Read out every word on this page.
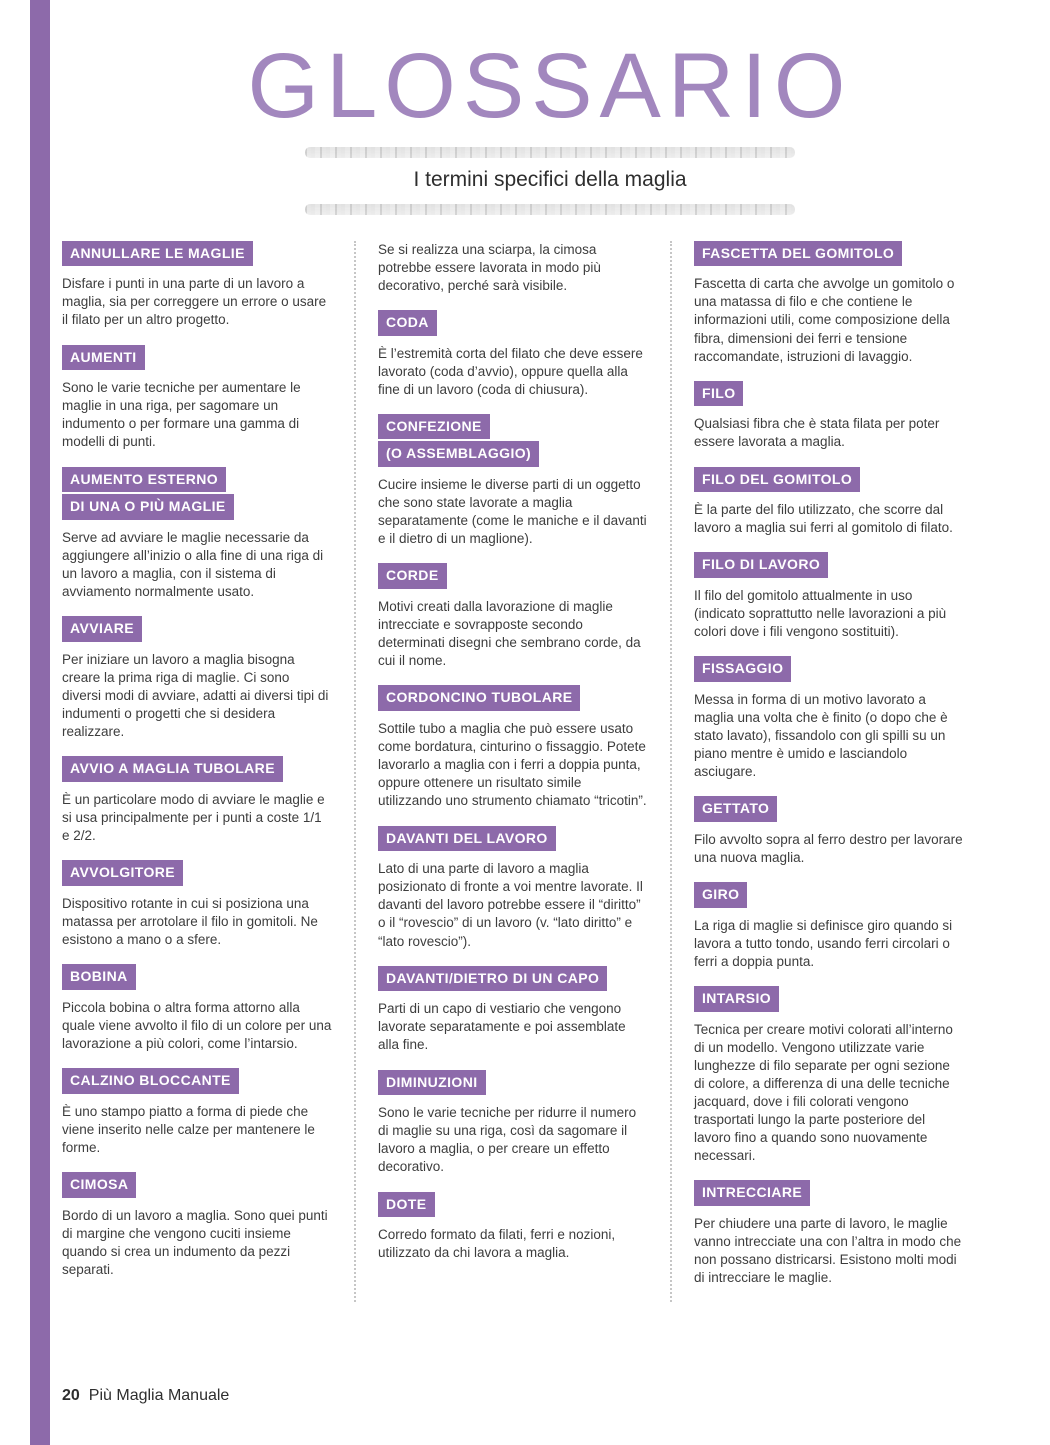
GLOSSARIO
I termini specifici della maglia
ANNULLARE LE MAGLIE

Disfare i punti in una parte di un lavoro a maglia, sia per correggere un errore o usare il filato per un altro progetto.

AUMENTI

Sono le varie tecniche per aumentare le maglie in una riga, per sagomare un indumento o per formare una gamma di modelli di punti.

AUMENTO ESTERNO
DI UNA O PIÙ MAGLIE

Serve ad avviare le maglie necessarie da aggiungere all’inizio o alla fine di una riga di un lavoro a maglia, con il sistema di avviamento normalmente usato.

AVVIARE

Per iniziare un lavoro a maglia bisogna creare la prima riga di maglie. Ci sono diversi modi di avviare, adatti ai diversi tipi di indumenti o progetti che si desidera realizzare.

AVVIO A MAGLIA TUBOLARE

È un particolare modo di avviare le maglie e si usa principalmente per i punti a coste 1/1 e 2/2.

AVVOLGITORE

Dispositivo rotante in cui si posiziona una matassa per arrotolare il filo in gomitoli. Ne esistono a mano o a sfere.

BOBINA

Piccola bobina o altra forma attorno alla quale viene avvolto il filo di un colore per una lavorazione a più colori, come l’intarsio.

CALZINO BLOCCANTE

È uno stampo piatto a forma di piede che viene inserito nelle calze per mantenere le forme.

CIMOSA

Bordo di un lavoro a maglia. Sono quei punti di margine che vengono cuciti insieme quando si crea un indumento da pezzi separati.

Se si realizza una sciarpa, la cimosa potrebbe essere lavorata in modo più decorativo, perché sarà visibile.

CODA

È l’estremità corta del filato che deve essere lavorato (coda d’avvio), oppure quella alla fine di un lavoro (coda di chiusura).

CONFEZIONE
(O ASSEMBLAGGIO)

Cucire insieme le diverse parti di un oggetto che sono state lavorate a maglia separatamente (come le maniche e il davanti e il dietro di un maglione).

CORDE

Motivi creati dalla lavorazione di maglie intrecciate e sovrapposte secondo determinati disegni che sembrano corde, da cui il nome.

CORDONCINO TUBOLARE

Sottile tubo a maglia che può essere usato come bordatura, cinturino o fissaggio. Potete lavorarlo a maglia con i ferri a doppia punta, oppure ottenere un risultato simile utilizzando uno strumento chiamato “tricotin”.

DAVANTI DEL LAVORO

Lato di una parte di lavoro a maglia posizionato di fronte a voi mentre lavorate. Il davanti del lavoro potrebbe essere il “diritto” o il “rovescio” di un lavoro (v. “lato diritto” e “lato rovescio”).

DAVANTI/DIETRO DI UN CAPO

Parti di un capo di vestiario che vengono lavorate separatamente e poi assemblate alla fine.

DIMINUZIONI

Sono le varie tecniche per ridurre il numero di maglie su una riga, così da sagomare il lavoro a maglia, o per creare un effetto decorativo.

DOTE

Corredo formato da filati, ferri e nozioni, utilizzato da chi lavora a maglia.

FASCETTA DEL GOMITOLO

Fascetta di carta che avvolge un gomitolo o una matassa di filo e che contiene le informazioni utili, come composizione della fibra, dimensioni dei ferri e tensione raccomandate, istruzioni di lavaggio.

FILO

Qualsiasi fibra che è stata filata per poter essere lavorata a maglia.

FILO DEL GOMITOLO

È la parte del filo utilizzato, che scorre dal lavoro a maglia sui ferri al gomitolo di filato.

FILO DI LAVORO

Il filo del gomitolo attualmente in uso (indicato soprattutto nelle lavorazioni a più colori dove i fili vengono sostituiti).

FISSAGGIO

Messa in forma di un motivo lavorato a maglia una volta che è finito (o dopo che è stato lavato), fissandolo con gli spilli su un piano mentre è umido e lasciandolo asciugare.

GETTATO

Filo avvolto sopra al ferro destro per lavorare una nuova maglia.

GIRO

La riga di maglie si definisce giro quando si lavora a tutto tondo, usando ferri circolari o ferri a doppia punta.

INTARSIO

Tecnica per creare motivi colorati all’interno di un modello. Vengono utilizzate varie lunghezze di filo separate per ogni sezione di colore, a differenza di una delle tecniche jacquard, dove i fili colorati vengono trasportati lungo la parte posteriore del lavoro fino a quando sono nuovamente necessari.

INTRECCIARE

Per chiudere una parte di lavoro, le maglie vanno intrecciate una con l’altra in modo che non possano districarsi. Esistono molti modi di intrecciare le maglie.

20 Più Maglia Manuale
